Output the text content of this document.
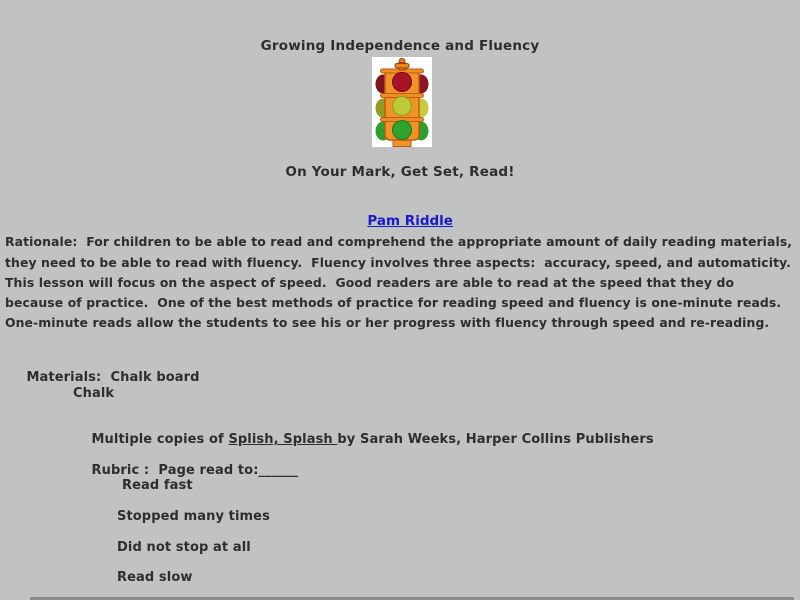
Growing Independence and Fluency
On Your Mark, Get Set, Read!

Pam Riddle

Rationale:  For children to be able to read and comprehend the appropriate amount of daily reading materials, they need to be able to read with fluency.  Fluency involves three aspects:  accuracy, speed, and automaticity.  This lesson will focus on the aspect of speed.  Good readers are able to read at the speed that they do because of practice.  One of the best methods of practice for reading speed and fluency is one-minute reads.  One-minute reads allow the students to see his or her progress with fluency through speed and re-reading.

Materials:  Chalk board

Chalk

Multiple copies of Splish, Splash by Sarah Weeks, Harper Collins Publishers

Rubric :  Page read to:______

Read fast
Stopped many times
Did not stop at all
Read slow
